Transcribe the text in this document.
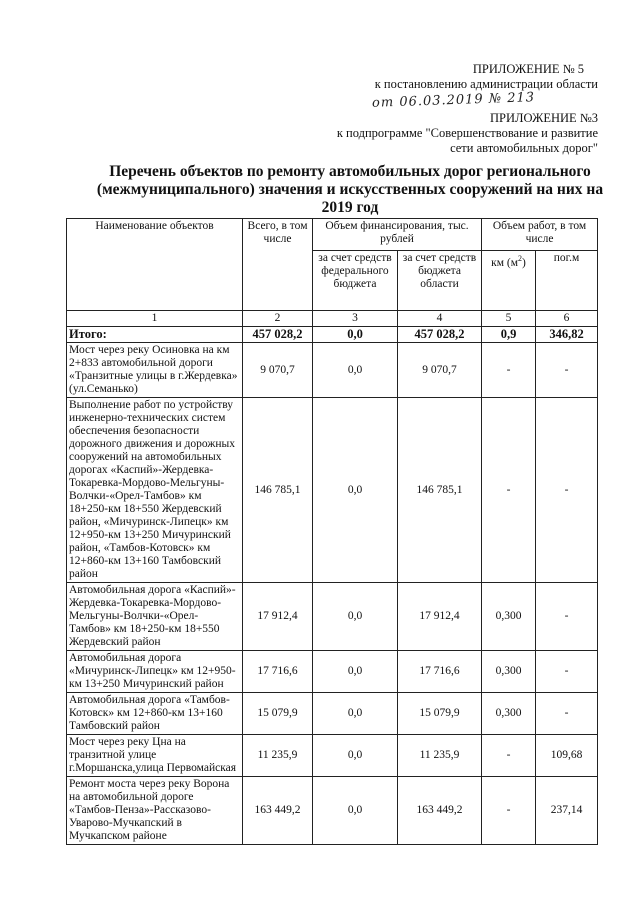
ПРИЛОЖЕНИЕ № 5
к постановлению администрации области
от 06.03.2019 № 213
ПРИЛОЖЕНИЕ №3
к подпрограмме "Совершенствование и развитие
сети автомобильных дорог"
Перечень объектов по ремонту автомобильных дорог регионального
(межмуниципального) значения и искусственных сооружений на них на
2019 год
Наименование объектов	Всего, в том числе	Объем финансирования, тыс. рублей		Объем работ, в том числе	
		за счет средств федерального бюджета	за счет средств бюджета области	км $(м^2)$	пог.м
1	2	3	4	5	6
Итого:	457 028,2	0,0	457 028,2	0,9	346,82
Мост через реку Осиновка на км 2+833 автомобильной дороги «Транзитные улицы в г.Жердевка» (ул.Семанько)	9 070,7	0,0	9 070,7	-	-
Выполнение работ по устройству инженерно-технических систем обеспечения безопасности дорожного движения и дорожных сооружений на автомобильных дорогах «Каспий»-Жердевка-Токаревка-Мордово-Мельгуны-Волчки-«Орел-Тамбов» км 18+250-км 18+550 Жердевский район, «Мичуринск-Липецк» км 12+950-км 13+250 Мичуринский район, «Тамбов-Котовск» км 12+860-км 13+160 Тамбовский район	146 785,1	0,0	146 785,1	-	-
Автомобильная дорога «Каспий»-Жердевка-Токаревка-Мордово-Мельгуны-Волчки-«Орел-Тамбов» км 18+250-км 18+550 Жердевский район	17 912,4	0,0	17 912,4	0,300	-
Автомобильная дорога «Мичуринск-Липецк» км 12+950-км 13+250 Мичуринский район	17 716,6	0,0	17 716,6	0,300	-
Автомобильная дорога «Тамбов-Котовск» км 12+860-км 13+160 Тамбовский район	15 079,9	0,0	15 079,9	0,300	-
Мост через реку Цна на транзитной улице г.Моршанска,улица Первомайская	11 235,9	0,0	11 235,9	-	109,68
Ремонт моста через реку Ворона на автомобильной дороге «Тамбов-Пенза»-Рассказово-Уварово-Мучкапский в Мучкапском районе	163 449,2	0,0	163 449,2	-	237,14
